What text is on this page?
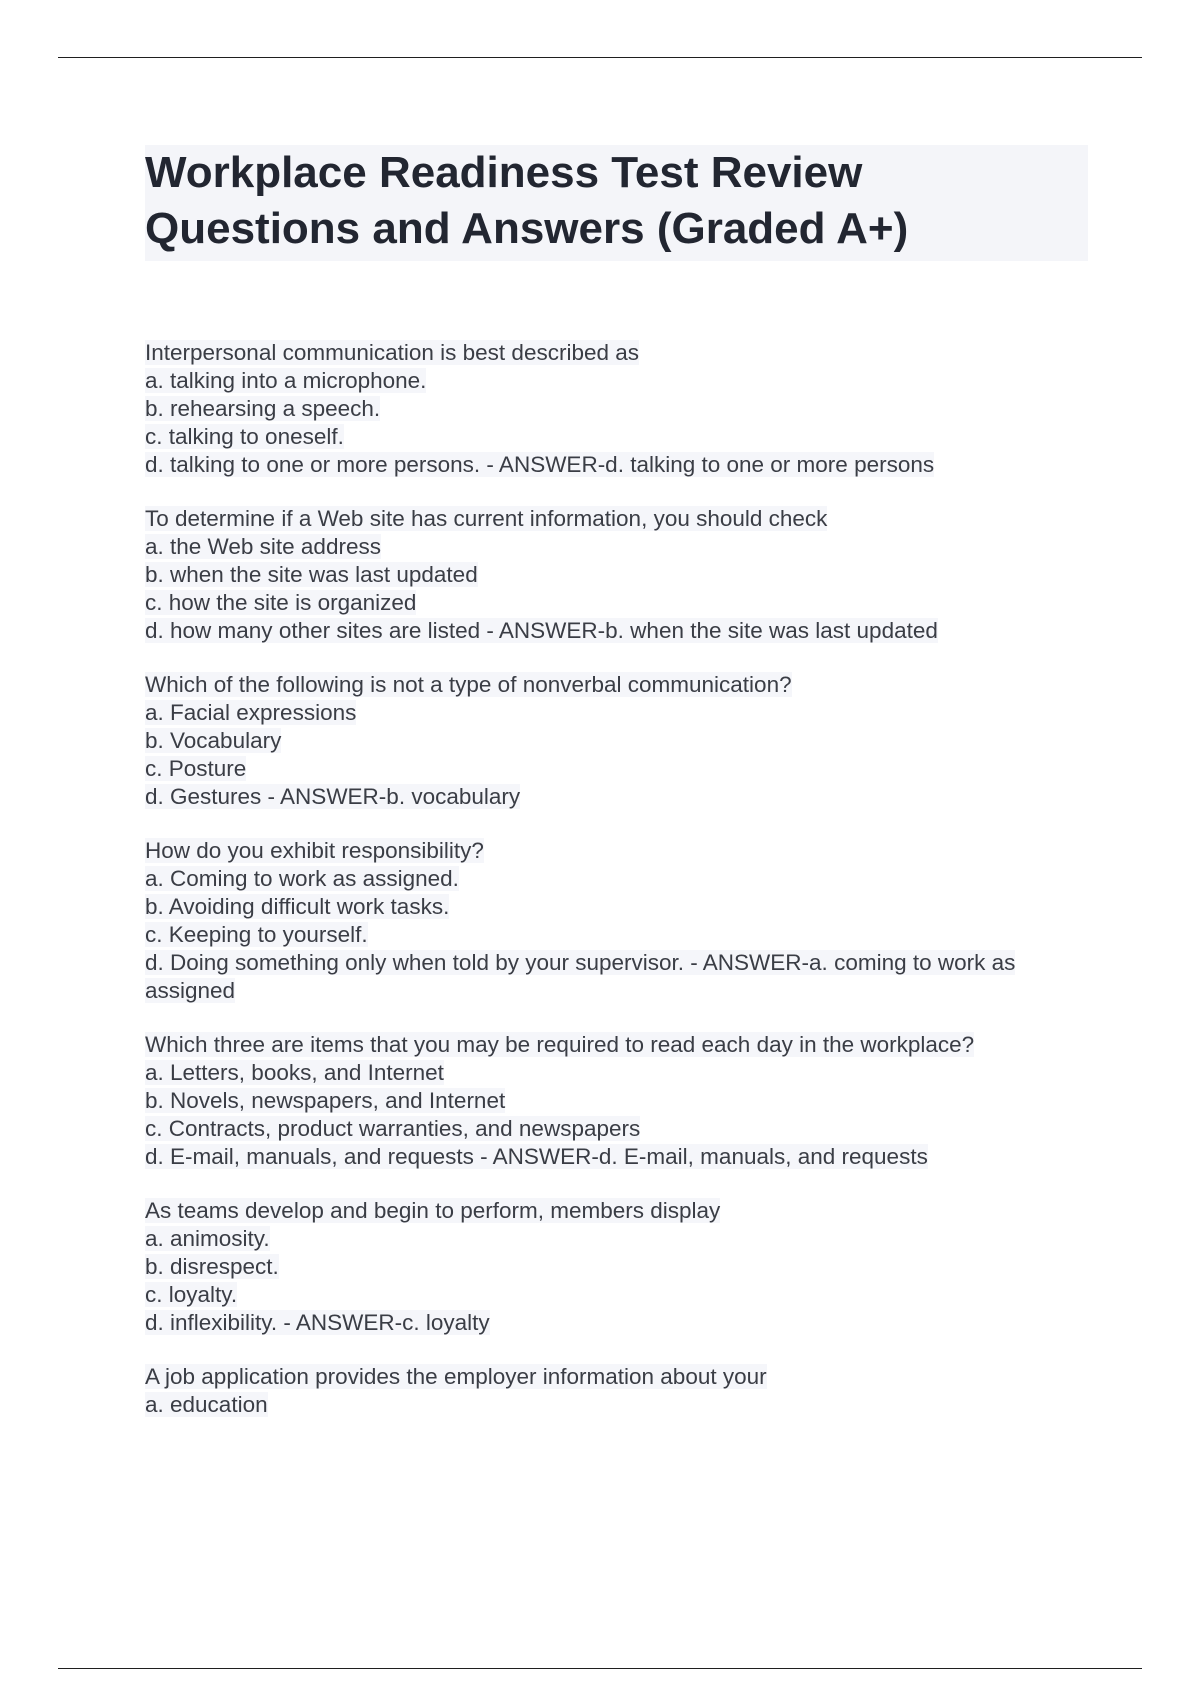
Workplace Readiness Test Review
Questions and Answers (Graded A+)
Interpersonal communication is best described as
a. talking into a microphone.
b. rehearsing a speech.
c. talking to oneself.
d. talking to one or more persons. - ANSWER-d. talking to one or more persons
To determine if a Web site has current information, you should check
a. the Web site address
b. when the site was last updated
c. how the site is organized
d. how many other sites are listed - ANSWER-b. when the site was last updated
Which of the following is not a type of nonverbal communication?
a. Facial expressions
b. Vocabulary
c. Posture
d. Gestures - ANSWER-b. vocabulary
How do you exhibit responsibility?
a. Coming to work as assigned.
b. Avoiding difficult work tasks.
c. Keeping to yourself.
d. Doing something only when told by your supervisor. - ANSWER-a. coming to work as
assigned
Which three are items that you may be required to read each day in the workplace?
a. Letters, books, and Internet
b. Novels, newspapers, and Internet
c. Contracts, product warranties, and newspapers
d. E-mail, manuals, and requests - ANSWER-d. E-mail, manuals, and requests
As teams develop and begin to perform, members display
a. animosity.
b. disrespect.
c. loyalty.
d. inflexibility. - ANSWER-c. loyalty
A job application provides the employer information about your
a. education
